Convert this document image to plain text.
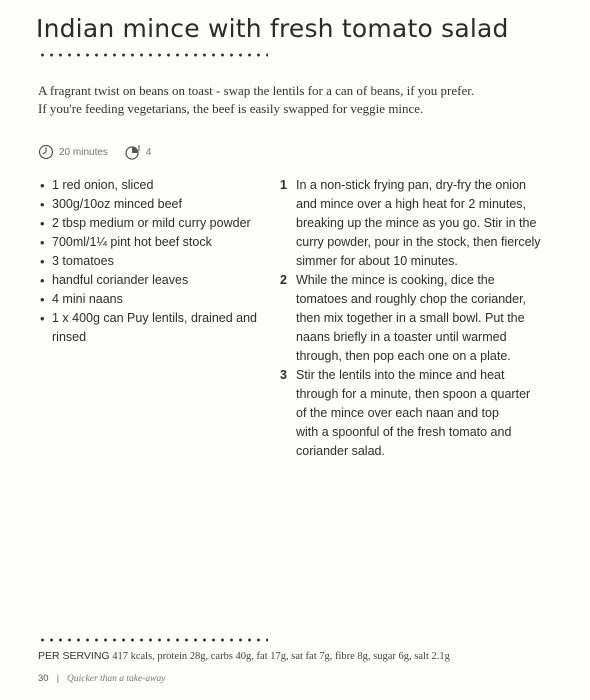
Indian mince with fresh tomato salad

A fragrant twist on beans on toast - swap the lentils for a can of beans, if you prefer.

If you're feeding vegetarians, the beef is easily swapped for veggie mince.

20 minutes	4
• 1 red onion, sliced
• 300g/10oz minced beef
• 2 tbsp medium or mild curry powder
• 700ml/1¼ pint hot beef stock
• 3 tomatoes
• handful coriander leaves
• 4 mini naans
• 1 x 400g can Puy lentils, drained and rinsed
1 In a non-stick frying pan, dry-fry the onion
and mince over a high heat for 2 minutes,
breaking up the mince as you go. Stir in the
curry powder, pour in the stock, then fiercely
simmer for about 10 minutes.
2 While the mince is cooking, dice the
tomatoes and roughly chop the coriander,
then mix together in a small bowl. Put the
naans briefly in a toaster until warmed
through, then pop each one on a plate.
3 Stir the lentils into the mince and heat
through for a minute, then spoon a quarter
of the mince over each naan and top
with a spoonful of the fresh tomato and
coriander salad.
PER SERVING 417 kcals, protein 28g, carbs 40g, fat 17g, sat fat 7g, fibre 8g, sugar 6g, salt 2.1g
30 | Quicker than a take-away
